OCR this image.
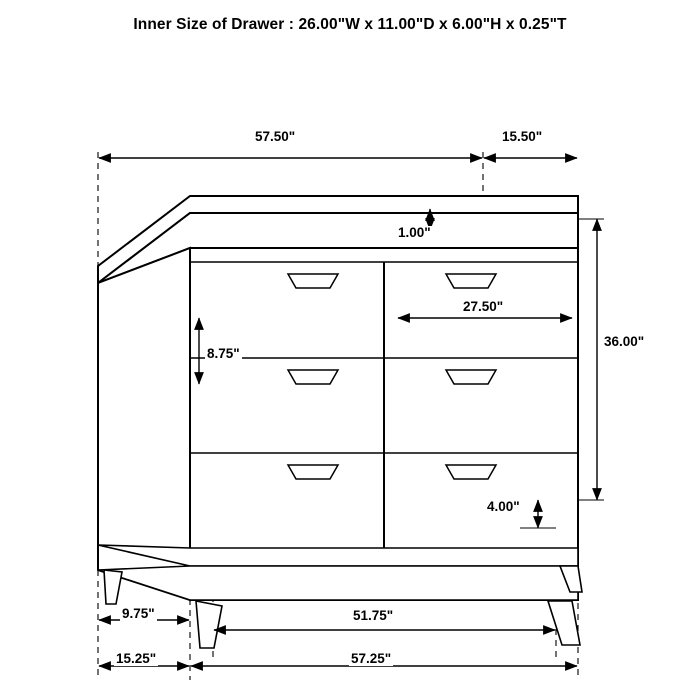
Inner Size of Drawer : 26.00"W x 11.00"D x 6.00"H x 0.25"T
57.50"	15.50"
1.00"
27.50"
8.75"
36.00"
4.00"
9.75"	51.75"
15.25"	57.25"
